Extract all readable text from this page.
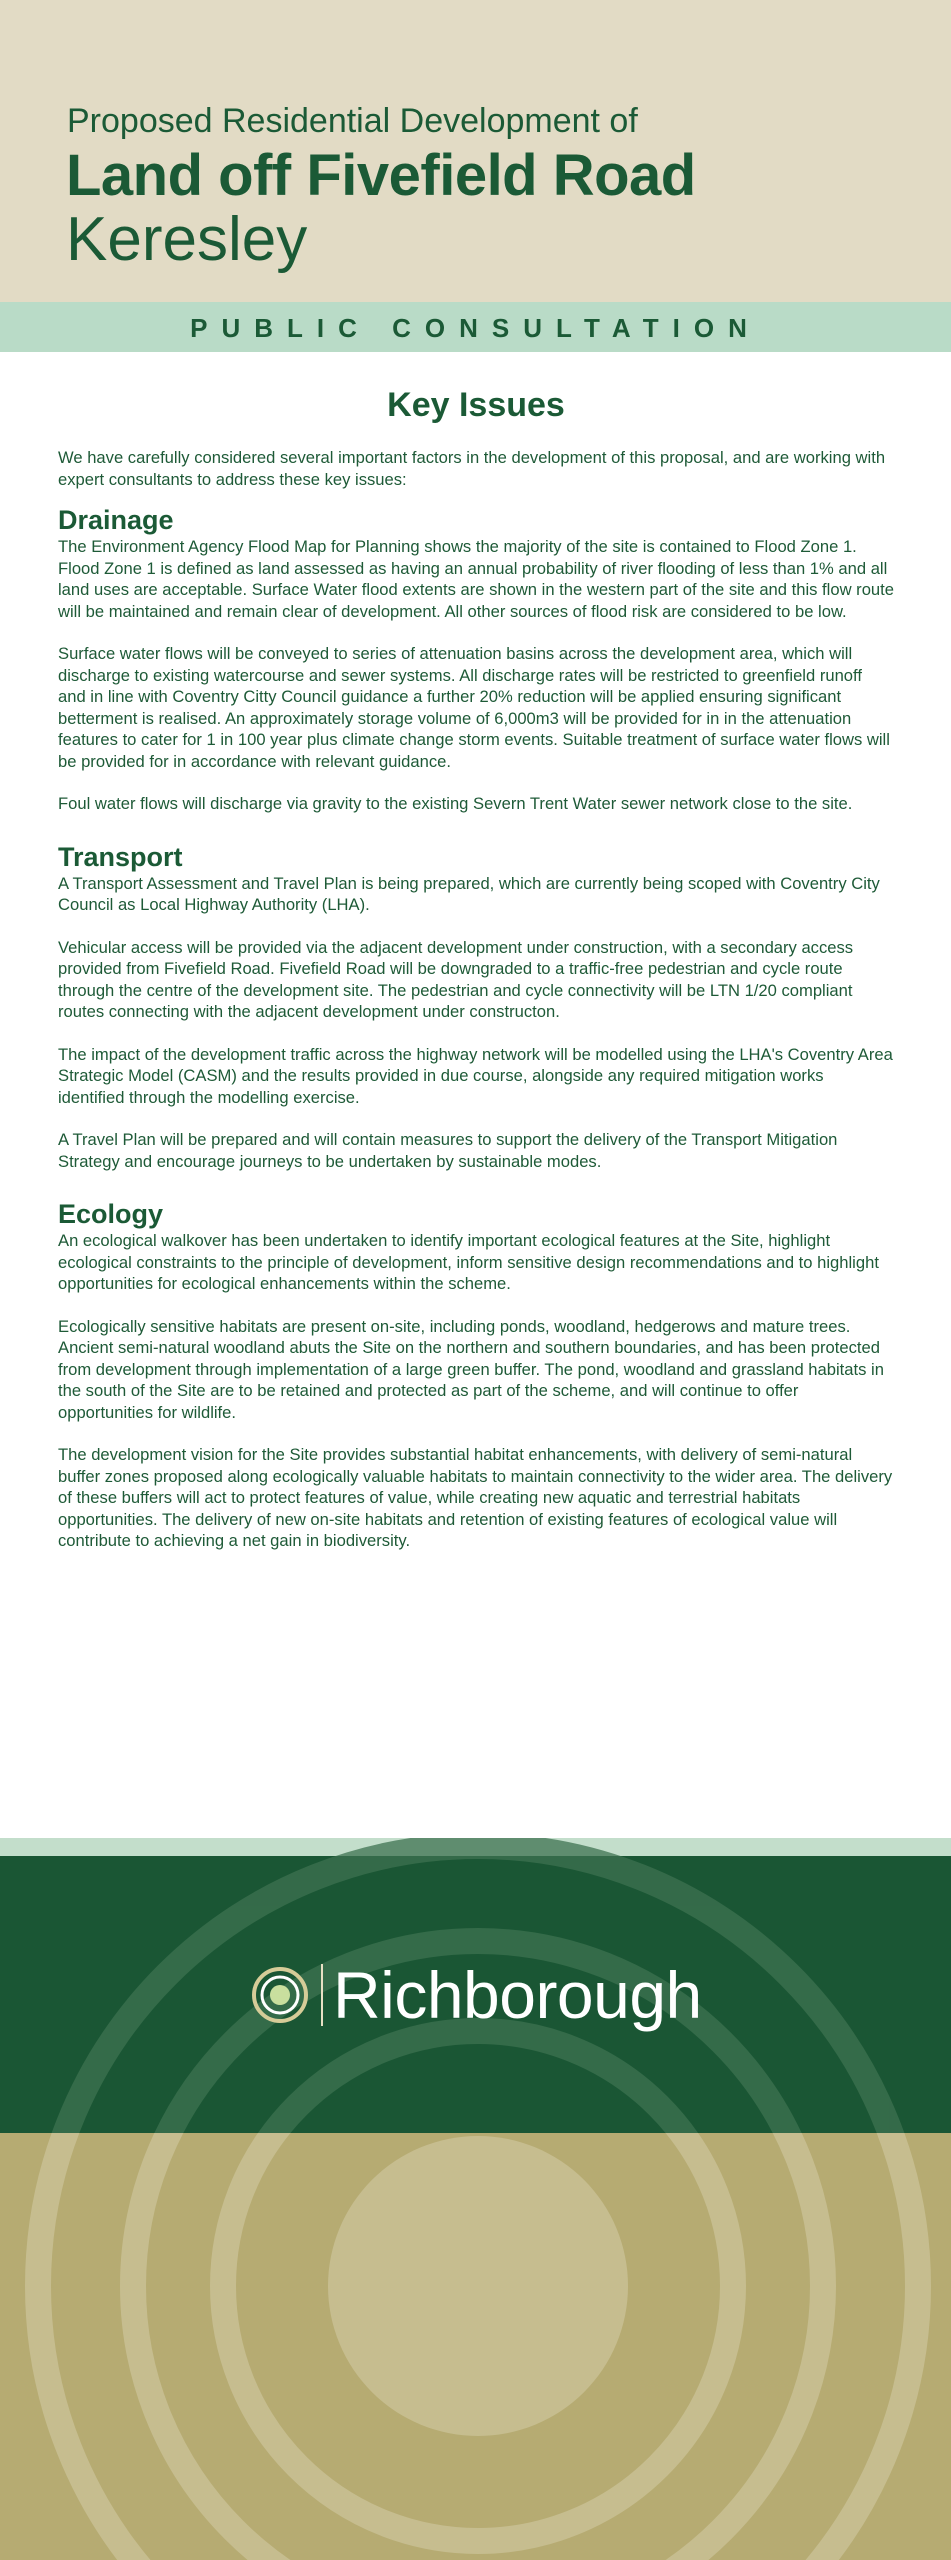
Proposed Residential Development of
Land off Fivefield Road
Keresley
PUBLIC CONSULTATION
Key Issues

We have carefully considered several important factors in the development of this proposal, and are working with expert consultants to address these key issues:

Drainage

The Environment Agency Flood Map for Planning shows the majority of the site is contained to Flood Zone 1. Flood Zone 1 is defined as land assessed as having an annual probability of river flooding of less than 1% and all land uses are acceptable. Surface Water flood extents are shown in the western part of the site and this flow route will be maintained and remain clear of development. All other sources of flood risk are considered to be low.

Surface water flows will be conveyed to series of attenuation basins across the development area, which will discharge to existing watercourse and sewer systems. All discharge rates will be restricted to greenfield runoff and in line with Coventry Citty Council guidance a further 20% reduction will be applied ensuring significant betterment is realised. An approximately storage volume of 6,000m3 will be provided for in in the attenuation features to cater for 1 in 100 year plus climate change storm events. Suitable treatment of surface water flows will be provided for in accordance with relevant guidance.

Foul water flows will discharge via gravity to the existing Severn Trent Water sewer network close to the site.

Transport

A Transport Assessment and Travel Plan is being prepared, which are currently being scoped with Coventry City Council as Local Highway Authority (LHA).

Vehicular access will be provided via the adjacent development under construction, with a secondary access provided from Fivefield Road. Fivefield Road will be downgraded to a traffic-free pedestrian and cycle route through the centre of the development site. The pedestrian and cycle connectivity will be LTN 1/20 compliant routes connecting with the adjacent development under constructon.

The impact of the development traffic across the highway network will be modelled using the LHA's Coventry Area Strategic Model (CASM) and the results provided in due course, alongside any required mitigation works identified through the modelling exercise.

A Travel Plan will be prepared and will contain measures to support the delivery of the Transport Mitigation Strategy and encourage journeys to be undertaken by sustainable modes.

Ecology

An ecological walkover has been undertaken to identify important ecological features at the Site, highlight ecological constraints to the principle of development, inform sensitive design recommendations and to highlight opportunities for ecological enhancements within the scheme.

Ecologically sensitive habitats are present on-site, including ponds, woodland, hedgerows and mature trees. Ancient semi-natural woodland abuts the Site on the northern and southern boundaries, and has been protected from development through implementation of a large green buffer. The pond, woodland and grassland habitats in the south of the Site are to be retained and protected as part of the scheme, and will continue to offer opportunities for wildlife.

The development vision for the Site provides substantial habitat enhancements, with delivery of semi-natural buffer zones proposed along ecologically valuable habitats to maintain connectivity to the wider area. The delivery of these buffers will act to protect features of value, while creating new aquatic and terrestrial habitats opportunities. The delivery of new on-site habitats and retention of existing features of ecological value will contribute to achieving a net gain in biodiversity.

Richborough
